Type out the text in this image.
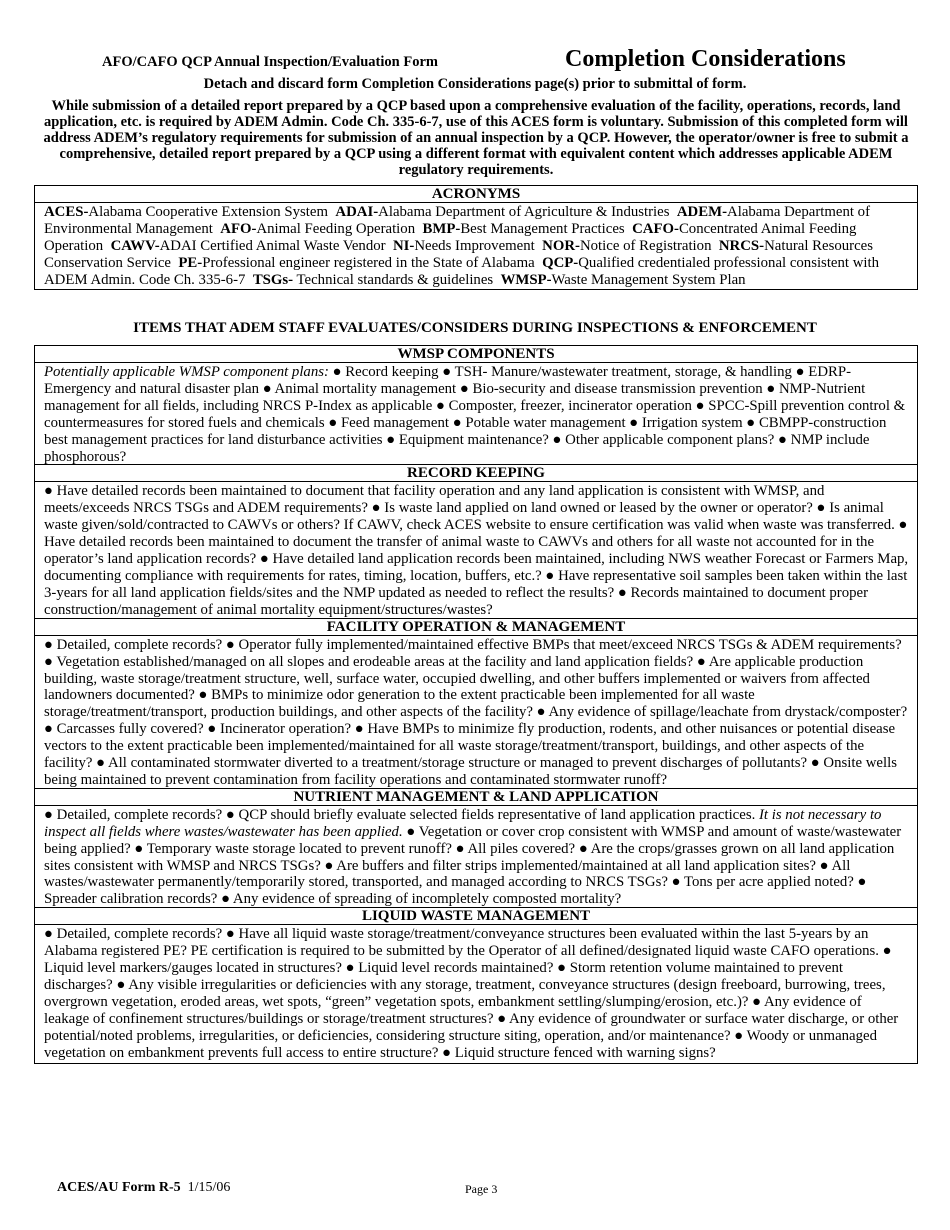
AFO/CAFO QCP Annual Inspection/Evaluation Form	Completion Considerations
Detach and discard form Completion Considerations page(s) prior to submittal of form.
While submission of a detailed report prepared by a QCP based upon a comprehensive evaluation of the facility, operations, records, land application, etc. is required by ADEM Admin. Code Ch. 335-6-7, use of this ACES form is voluntary. Submission of this completed form will address ADEM’s regulatory requirements for submission of an annual inspection by a QCP. However, the operator/owner is free to submit a comprehensive, detailed report prepared by a QCP using a different format with equivalent content which addresses applicable ADEM regulatory requirements.
ACRONYMS
ACES-Alabama Cooperative Extension System ADAI-Alabama Department of Agriculture & Industries ADEM-Alabama Department of Environmental Management AFO-Animal Feeding Operation BMP-Best Management Practices CAFO-Concentrated Animal Feeding Operation CAWV-ADAI Certified Animal Waste Vendor NI-Needs Improvement NOR-Notice of Registration NRCS-Natural Resources Conservation Service PE-Professional engineer registered in the State of Alabama QCP-Qualified credentialed professional consistent with ADEM Admin. Code Ch. 335-6-7 TSGs- Technical standards & guidelines WMSP-Waste Management System Plan
ITEMS THAT ADEM STAFF EVALUATES/CONSIDERS DURING INSPECTIONS & ENFORCEMENT
WMSP COMPONENTS
Potentially applicable WMSP component plans: ● Record keeping ● TSH- Manure/wastewater treatment, storage, & handling ● EDRP- Emergency and natural disaster plan ● Animal mortality management ● Bio-security and disease transmission prevention ● NMP-Nutrient management for all fields, including NRCS P-Index as applicable ● Composter, freezer, incinerator operation ● SPCC-Spill prevention control & countermeasures for stored fuels and chemicals ● Feed management ● Potable water management ● Irrigation system ● CBMPP-construction best management practices for land disturbance activities ● Equipment maintenance? ● Other applicable component plans? ● NMP include phosphorous?
RECORD KEEPING
● Have detailed records been maintained to document that facility operation and any land application is consistent with WMSP, and meets/exceeds NRCS TSGs and ADEM requirements? ● Is waste land applied on land owned or leased by the owner or operator? ● Is animal waste given/sold/contracted to CAWVs or others? If CAWV, check ACES website to ensure certification was valid when waste was transferred. ● Have detailed records been maintained to document the transfer of animal waste to CAWVs and others for all waste not accounted for in the operator’s land application records? ● Have detailed land application records been maintained, including NWS weather Forecast or Farmers Map, documenting compliance with requirements for rates, timing, location, buffers, etc.? ● Have representative soil samples been taken within the last 3-years for all land application fields/sites and the NMP updated as needed to reflect the results? ● Records maintained to document proper construction/management of animal mortality equipment/structures/wastes?
FACILITY OPERATION & MANAGEMENT
● Detailed, complete records? ● Operator fully implemented/maintained effective BMPs that meet/exceed NRCS TSGs & ADEM requirements? ● Vegetation established/managed on all slopes and erodeable areas at the facility and land application fields? ● Are applicable production building, waste storage/treatment structure, well, surface water, occupied dwelling, and other buffers implemented or waivers from affected landowners documented? ● BMPs to minimize odor generation to the extent practicable been implemented for all waste storage/treatment/transport, production buildings, and other aspects of the facility? ● Any evidence of spillage/leachate from drystack/composter? ● Carcasses fully covered? ● Incinerator operation? ● Have BMPs to minimize fly production, rodents, and other nuisances or potential disease vectors to the extent practicable been implemented/maintained for all waste storage/treatment/transport, buildings, and other aspects of the facility? ● All contaminated stormwater diverted to a treatment/storage structure or managed to prevent discharges of pollutants? ● Onsite wells being maintained to prevent contamination from facility operations and contaminated stormwater runoff?
NUTRIENT MANAGEMENT & LAND APPLICATION
● Detailed, complete records? ● QCP should briefly evaluate selected fields representative of land application practices. It is not necessary to inspect all fields where wastes/wastewater has been applied. ● Vegetation or cover crop consistent with WMSP and amount of waste/wastewater being applied? ● Temporary waste storage located to prevent runoff? ● All piles covered? ● Are the crops/grasses grown on all land application sites consistent with WMSP and NRCS TSGs? ● Are buffers and filter strips implemented/maintained at all land application sites? ● All wastes/wastewater permanently/temporarily stored, transported, and managed according to NRCS TSGs? ● Tons per acre applied noted? ● Spreader calibration records? ● Any evidence of spreading of incompletely composted mortality?
LIQUID WASTE MANAGEMENT
● Detailed, complete records? ● Have all liquid waste storage/treatment/conveyance structures been evaluated within the last 5-years by an Alabama registered PE? PE certification is required to be submitted by the Operator of all defined/designated liquid waste CAFO operations. ● Liquid level markers/gauges located in structures? ● Liquid level records maintained? ● Storm retention volume maintained to prevent discharges? ● Any visible irregularities or deficiencies with any storage, treatment, conveyance structures (design freeboard, burrowing, trees, overgrown vegetation, eroded areas, wet spots, “green” vegetation spots, embankment settling/slumping/erosion, etc.)? ● Any evidence of leakage of confinement structures/buildings or storage/treatment structures? ● Any evidence of groundwater or surface water discharge, or other potential/noted problems, irregularities, or deficiencies, considering structure siting, operation, and/or maintenance? ● Woody or unmanaged vegetation on embankment prevents full access to entire structure? ● Liquid structure fenced with warning signs?
ACES/AU Form R-5 1/15/06	Page 3
